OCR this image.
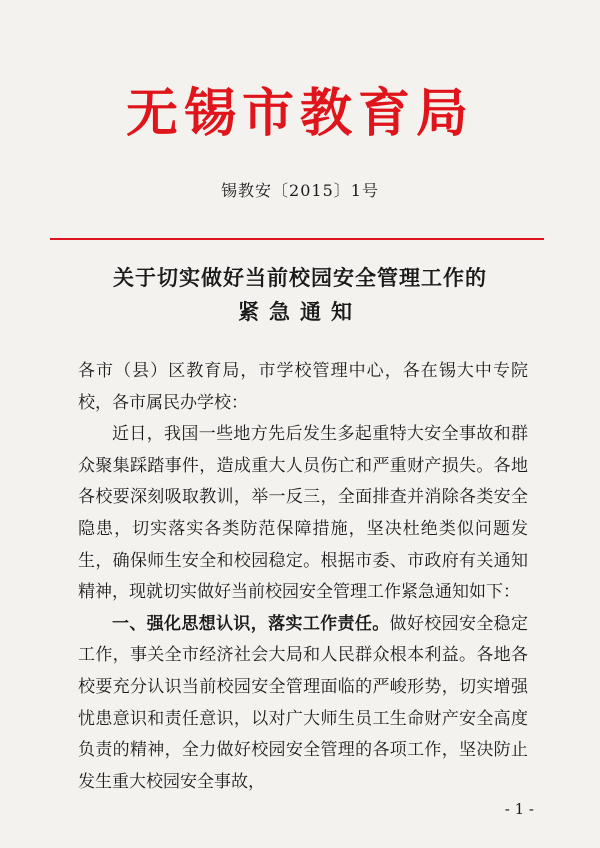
无锡市教育局
锡教安〔2015〕1号
关于切实做好当前校园安全管理工作的
紧急通知

各市（县）区教育局，市学校管理中心，各在锡大中专院校，各市属民办学校：

近日，我国一些地方先后发生多起重特大安全事故和群众聚集踩踏事件，造成重大人员伤亡和严重财产损失。各地各校要深刻吸取教训，举一反三，全面排查并消除各类安全隐患，切实落实各类防范保障措施，坚决杜绝类似问题发生，确保师生安全和校园稳定。根据市委、市政府有关通知精神，现就切实做好当前校园安全管理工作紧急通知如下：

一、强化思想认识，落实工作责任。做好校园安全稳定工作，事关全市经济社会大局和人民群众根本利益。各地各校要充分认识当前校园安全管理面临的严峻形势，切实增强忧患意识和责任意识，以对广大师生员工生命财产安全高度负责的精神，全力做好校园安全管理的各项工作，坚决防止发生重大校园安全事故，

- 1 -
